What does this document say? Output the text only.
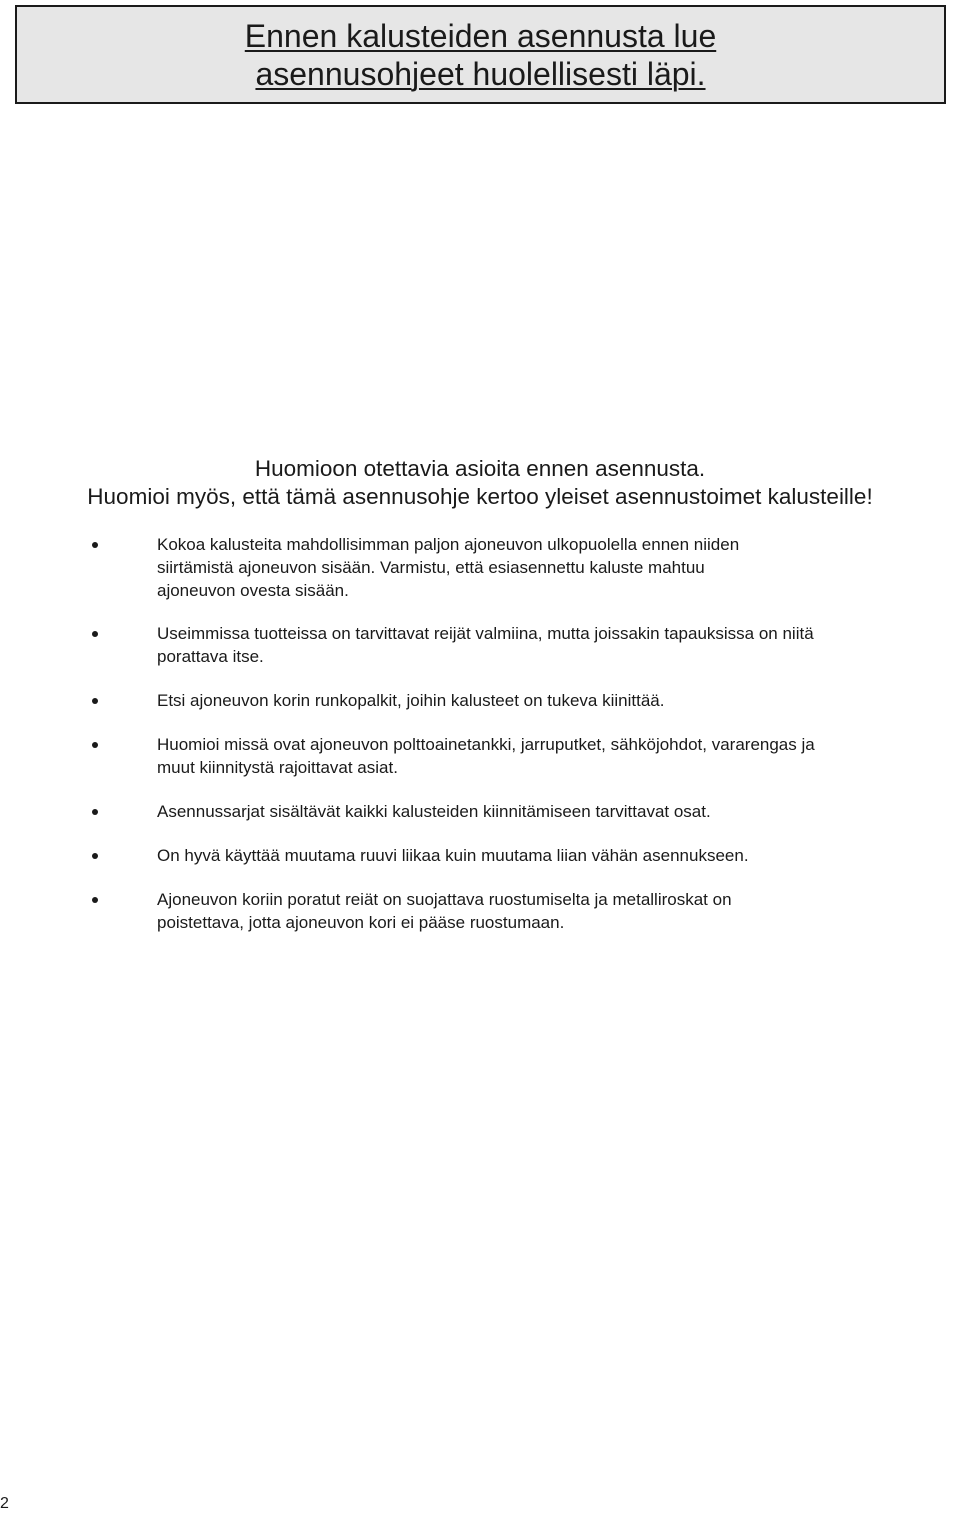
Ennen kalusteiden asennusta lue
asennusohjeet huolellisesti läpi.
Huomioon otettavia asioita ennen asennusta.
Huomioi myös, että tämä asennusohje kertoo yleiset asennustoimet kalusteille!
Kokoa kalusteita mahdollisimman paljon ajoneuvon ulkopuolella ennen niiden
siirtämistä ajoneuvon sisään. Varmistu, että esiasennettu kaluste mahtuu
ajoneuvon ovesta sisään.
Useimmissa tuotteissa on tarvittavat reijät valmiina, mutta joissakin tapauksissa on niitä
porattava itse.
Etsi ajoneuvon korin runkopalkit, joihin kalusteet on tukeva kiinittää.
Huomioi missä ovat ajoneuvon polttoainetankki, jarruputket, sähköjohdot, vararengas ja
muut kiinnitystä rajoittavat asiat.
Asennussarjat sisältävät kaikki kalusteiden kiinnitämiseen tarvittavat osat.
On hyvä käyttää muutama ruuvi liikaa kuin muutama liian vähän asennukseen.
Ajoneuvon koriin poratut reiät on suojattava ruostumiselta ja metalliroskat on
poistettava, jotta ajoneuvon kori ei pääse ruostumaan.
2
